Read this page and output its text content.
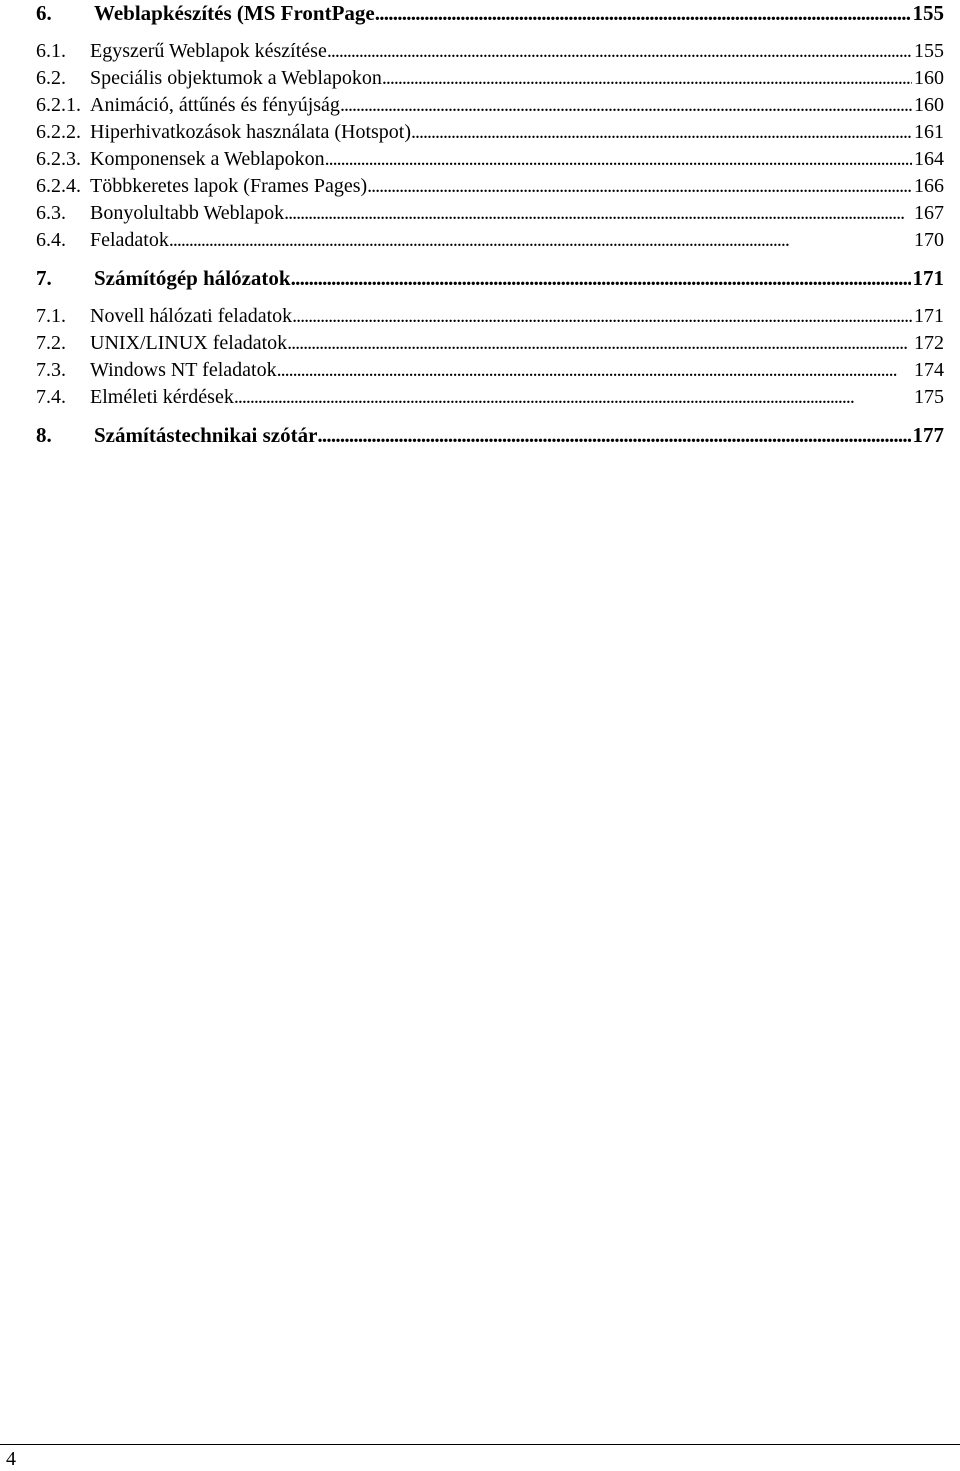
6.	Weblapkészítés (MS FrontPage . . .	155
6.1.	Egyszerű Weblapok készítése . . .	155
6.2.	Speciális objektumok a Weblapokon . . .	160
6.2.1. Animáció, áttűnés és fényújság . . .	160
6.2.2. Hiperhivatkozások használata (Hotspot) . . .	161
6.2.3. Komponensek a Weblapokon . . .	164
6.2.4. Többkeretes lapok (Frames Pages) . . .	166
6.3.	Bonyolultabb Weblapok . . .	167
6.4.	Feladatok . . .	170
7.	Számítógép hálózatok . . .	171
7.1.	Novell hálózati feladatok . . .	171
7.2.	UNIX/LINUX feladatok . . .	172
7.3.	Windows NT feladatok . . .	174
7.4.	Elméleti kérdések . . .	175
8.	Számítástechnikai szótár . . .	177
4
